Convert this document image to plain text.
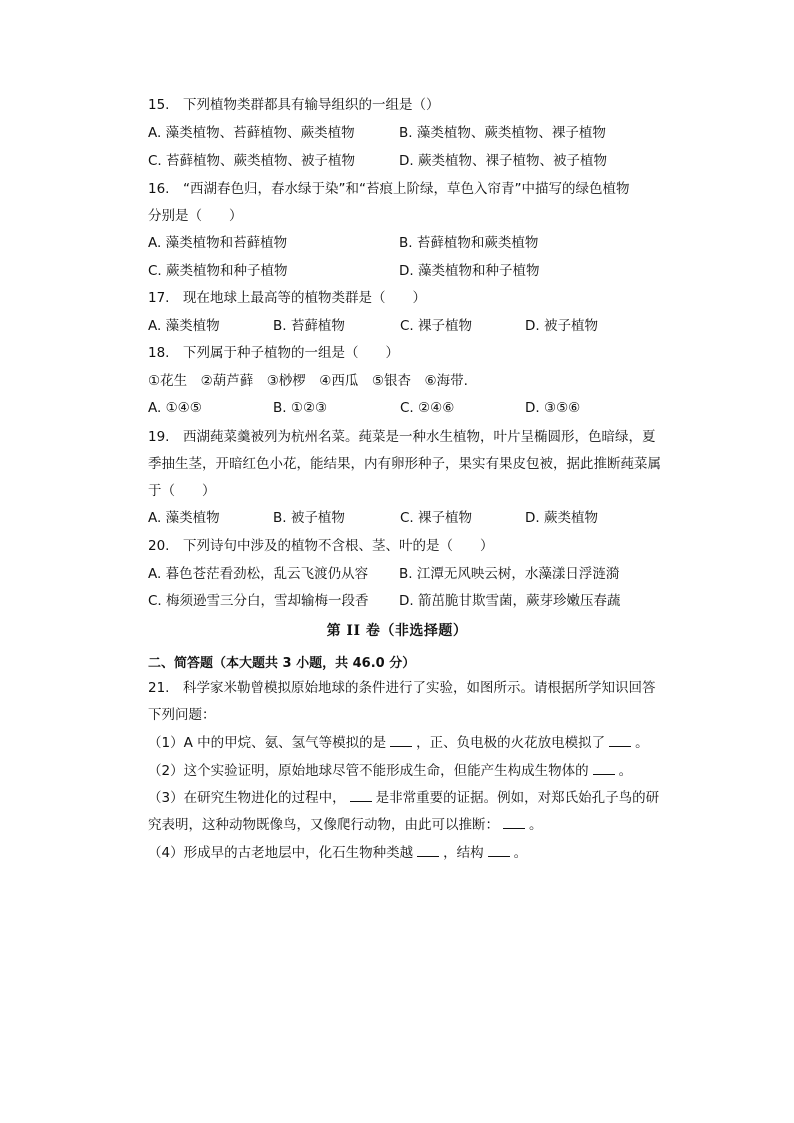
15.　下列植物类群都具有输导组织的一组是（）
A. 藻类植物、苔藓植物、蕨类植物	B. 藻类植物、蕨类植物、裸子植物
C. 苔藓植物、蕨类植物、被子植物	D. 蕨类植物、裸子植物、被子植物
16.　“西湖春色归，春水绿于染”和“苔痕上阶绿，草色入帘青”中描写的绿色植物
分别是（　　）
A. 藻类植物和苔藓植物	B. 苔藓植物和蕨类植物
C. 蕨类植物和种子植物	D. 藻类植物和种子植物
17.　现在地球上最高等的植物类群是（　　）
A. 藻类植物	B. 苔藓植物	C. 裸子植物	D. 被子植物
18.　下列属于种子植物的一组是（　　）
①花生　②葫芦藓　③桫椤　④西瓜　⑤银杏　⑥海带.
A. ①④⑤	B. ①②③	C. ②④⑥	D. ③⑤⑥
19.　西湖莼菜羹被列为杭州名菜。莼菜是一种水生植物，叶片呈椭圆形，色暗绿，夏
季抽生茎，开暗红色小花，能结果，内有卵形种子，果实有果皮包被，据此推断莼菜属
于（　　）
A. 藻类植物	B. 被子植物	C. 裸子植物	D. 蕨类植物
20.　下列诗句中涉及的植物不含根、茎、叶的是（　　）
A. 暮色苍茫看劲松，乱云飞渡仍从容 B. 江潭无风映云树，水藻漾日浮涟漪
C. 梅须逊雪三分白，雪却输梅一段香 D. 箭茁脆甘欺雪菌，蕨芽珍嫩压春蔬
第 II 卷（非选择题）
二、简答题（本大题共 3 小题，共 46.0 分）
21.　科学家米勒曾模拟原始地球的条件进行了实验，如图所示。请根据所学知识回答
下列问题：
（1）A 中的甲烷、氨、氢气等模拟的是 ，正、负电极的火花放电模拟了 。
（2）这个实验证明，原始地球尽管不能形成生命，但能产生构成生物体的 。
（3）在研究生物进化的过程中， 是非常重要的证据。例如，对郑氏始孔子鸟的研
究表明，这种动物既像鸟，又像爬行动物，由此可以推断： 。
（4）形成早的古老地层中，化石生物种类越 ，结构 。
